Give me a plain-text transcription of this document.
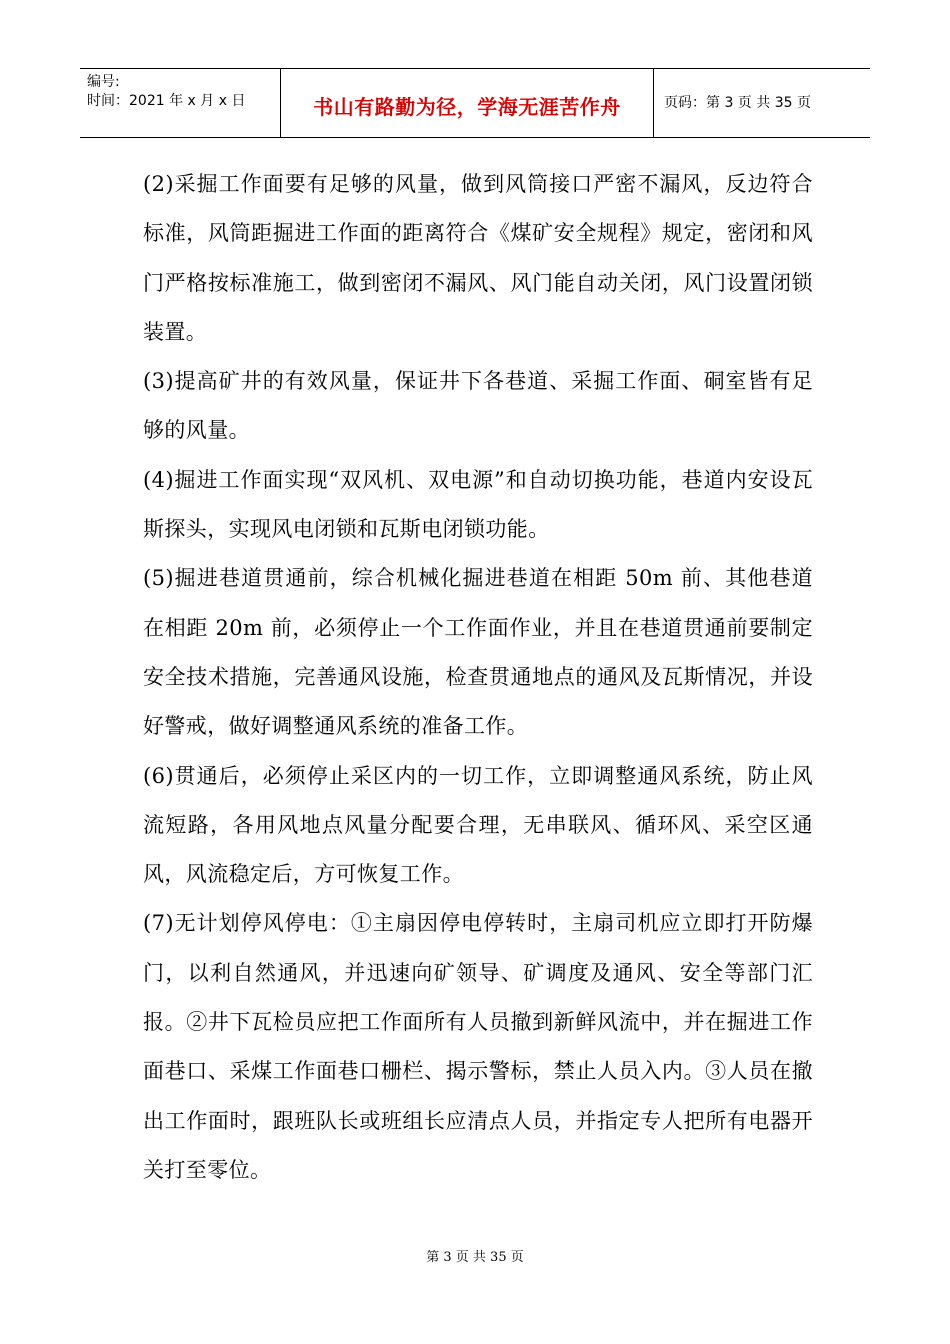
编号:
时间：2021 年 x 月 x 日	书山有路勤为径，学海无涯苦作舟	页码：第 3 页 共 35 页

(2)采掘工作面要有足够的风量，做到风筒接口严密不漏风，反边符合标准，风筒距掘进工作面的距离符合《煤矿安全规程》规定，密闭和风门严格按标准施工，做到密闭不漏风、风门能自动关闭，风门设置闭锁装置。

(3)提高矿井的有效风量，保证井下各巷道、采掘工作面、硐室皆有足够的风量。

(4)掘进工作面实现“双风机、双电源”和自动切换功能，巷道内安设瓦斯探头，实现风电闭锁和瓦斯电闭锁功能。

(5)掘进巷道贯通前，综合机械化掘进巷道在相距 50m 前、其他巷道在相距 20m 前，必须停止一个工作面作业，并且在巷道贯通前要制定安全技术措施，完善通风设施，检查贯通地点的通风及瓦斯情况，并设好警戒，做好调整通风系统的准备工作。

(6)贯通后，必须停止采区内的一切工作，立即调整通风系统，防止风流短路，各用风地点风量分配要合理，无串联风、循环风、采空区通风，风流稳定后，方可恢复工作。

(7)无计划停风停电：①主扇因停电停转时，主扇司机应立即打开防爆门，以利自然通风，并迅速向矿领导、矿调度及通风、安全等部门汇报。②井下瓦检员应把工作面所有人员撤到新鲜风流中，并在掘进工作面巷口、采煤工作面巷口栅栏、揭示警标，禁止人员入内。③人员在撤出工作面时，跟班队长或班组长应清点人员，并指定专人把所有电器开关打至零位。

第 3 页 共 35 页
